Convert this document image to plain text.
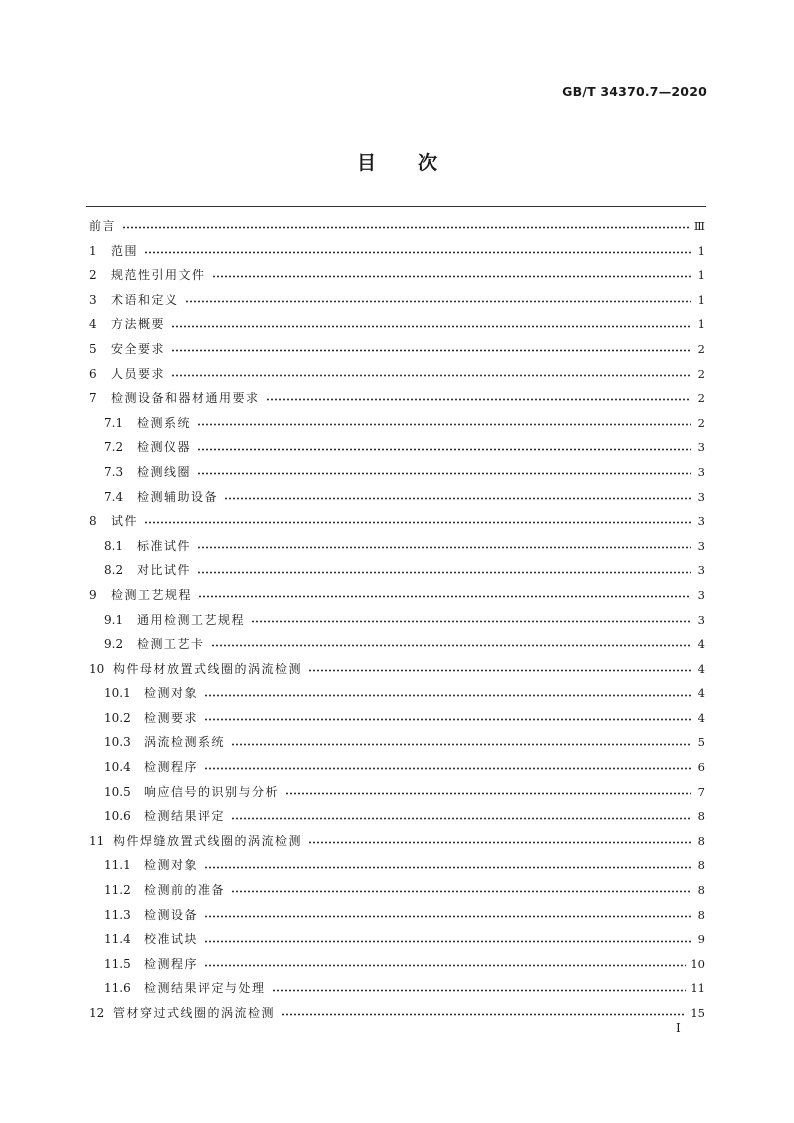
GB/T 34370.7—2020
目次
前言	Ⅲ
1	范围	1
2	规范性引用文件	1
3	术语和定义	1
4	方法概要	1
5	安全要求	2
6	人员要求	2
7	检测设备和器材通用要求	2
7.1	检测系统	2
7.2	检测仪器	3
7.3	检测线圈	3
7.4	检测辅助设备	3
8	试件	3
8.1	标准试件	3
8.2	对比试件	3
9	检测工艺规程	3
9.1	通用检测工艺规程	3
9.2	检测工艺卡	4
10 构件母材放置式线圈的涡流检测	4
10.1	检测对象	4
10.2	检测要求	4
10.3	涡流检测系统	5
10.4	检测程序	6
10.5	响应信号的识别与分析	7
10.6	检测结果评定	8
11 构件焊缝放置式线圈的涡流检测	8
11.1	检测对象	8
11.2	检测前的准备	8
11.3	检测设备	8
11.4	校准试块	9
11.5	检测程序	10
11.6	检测结果评定与处理	11
12 管材穿过式线圈的涡流检测	15
I
